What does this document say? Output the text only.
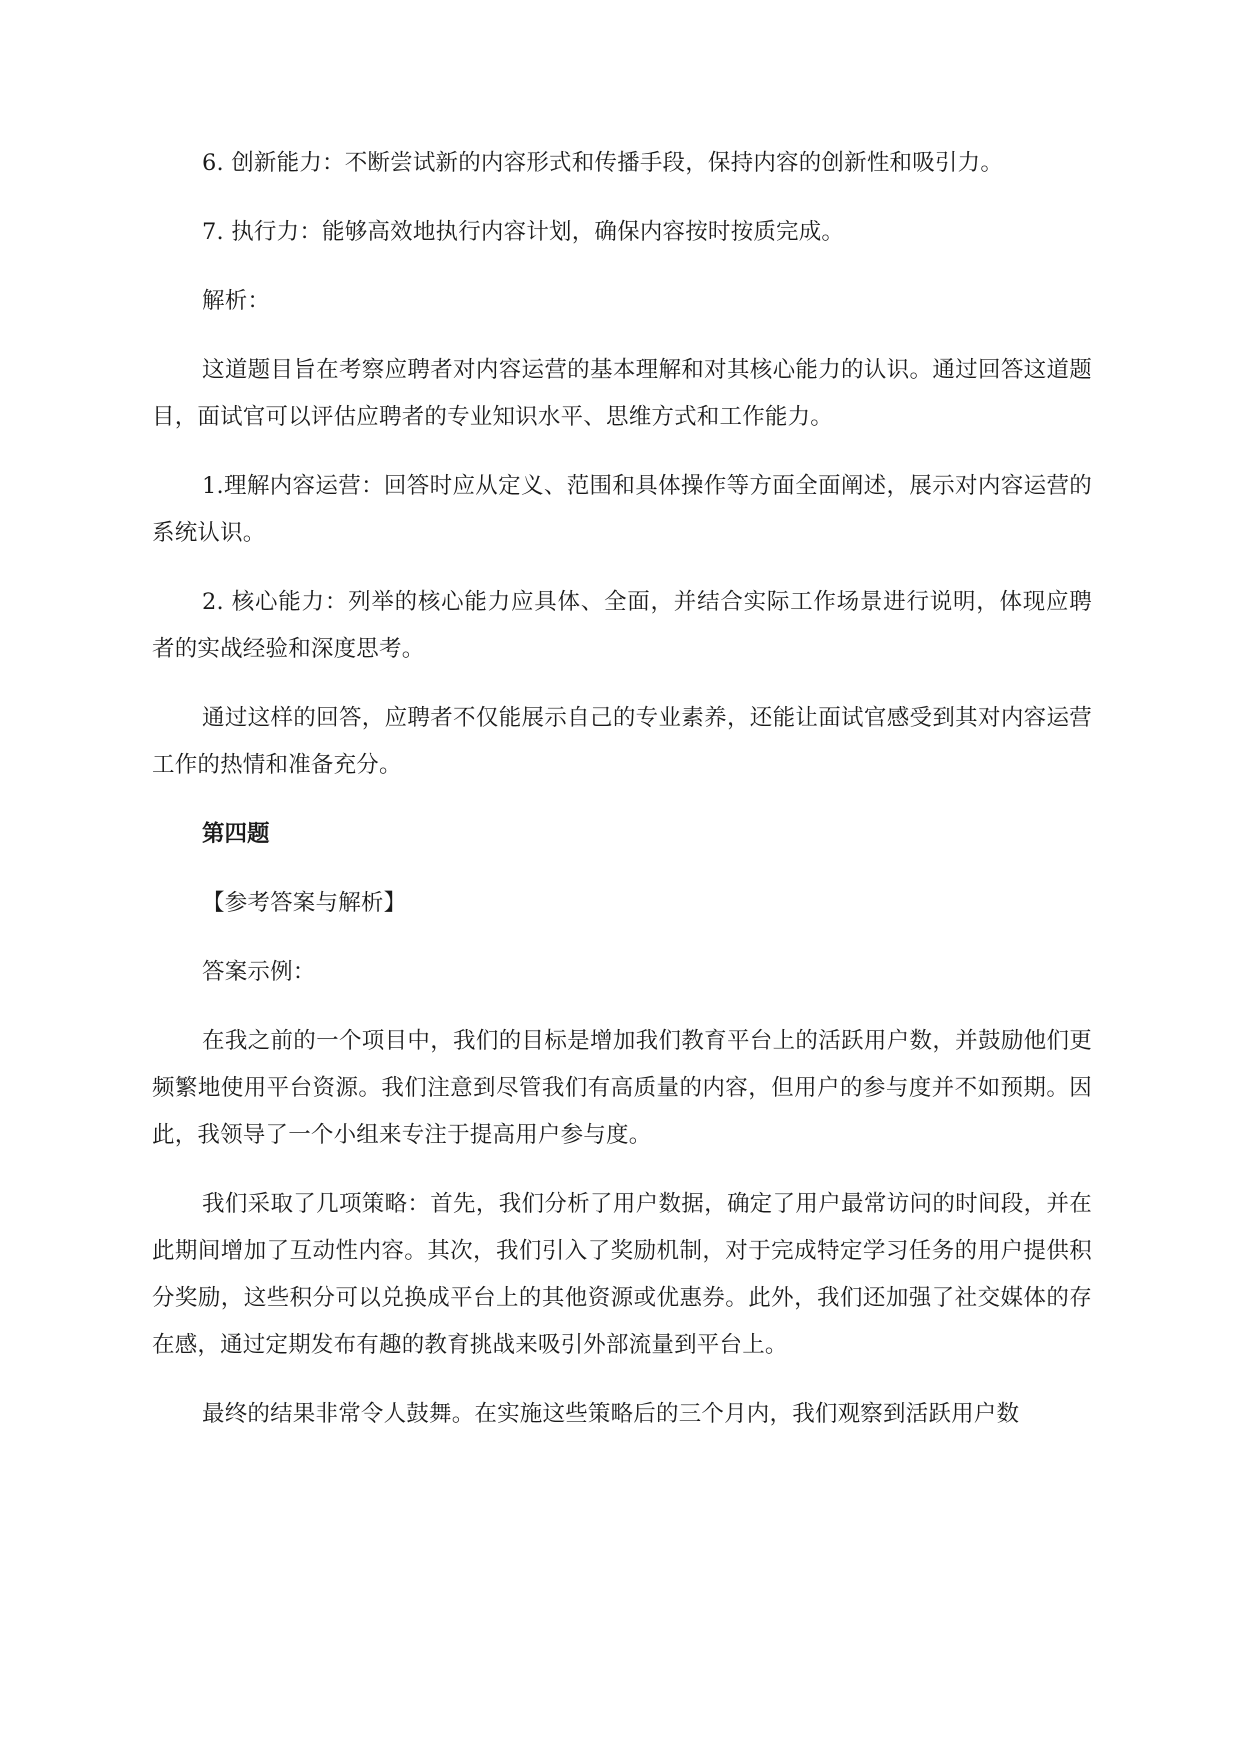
6. 创新能力：不断尝试新的内容形式和传播手段，保持内容的创新性和吸引力。

7. 执行力：能够高效地执行内容计划，确保内容按时按质完成。

解析：

这道题目旨在考察应聘者对内容运营的基本理解和对其核心能力的认识。通过回答这道题目，面试官可以评估应聘者的专业知识水平、思维方式和工作能力。

1.理解内容运营：回答时应从定义、范围和具体操作等方面全面阐述，展示对内容运营的系统认识。

2. 核心能力：列举的核心能力应具体、全面，并结合实际工作场景进行说明，体现应聘者的实战经验和深度思考。

通过这样的回答，应聘者不仅能展示自己的专业素养，还能让面试官感受到其对内容运营工作的热情和准备充分。

第四题

【参考答案与解析】

答案示例：

在我之前的一个项目中，我们的目标是增加我们教育平台上的活跃用户数，并鼓励他们更频繁地使用平台资源。我们注意到尽管我们有高质量的内容，但用户的参与度并不如预期。因此，我领导了一个小组来专注于提高用户参与度。

我们采取了几项策略：首先，我们分析了用户数据，确定了用户最常访问的时间段，并在此期间增加了互动性内容。其次，我们引入了奖励机制，对于完成特定学习任务的用户提供积分奖励，这些积分可以兑换成平台上的其他资源或优惠券。此外，我们还加强了社交媒体的存在感，通过定期发布有趣的教育挑战来吸引外部流量到平台上。

最终的结果非常令人鼓舞。在实施这些策略后的三个月内，我们观察到活跃用户数
